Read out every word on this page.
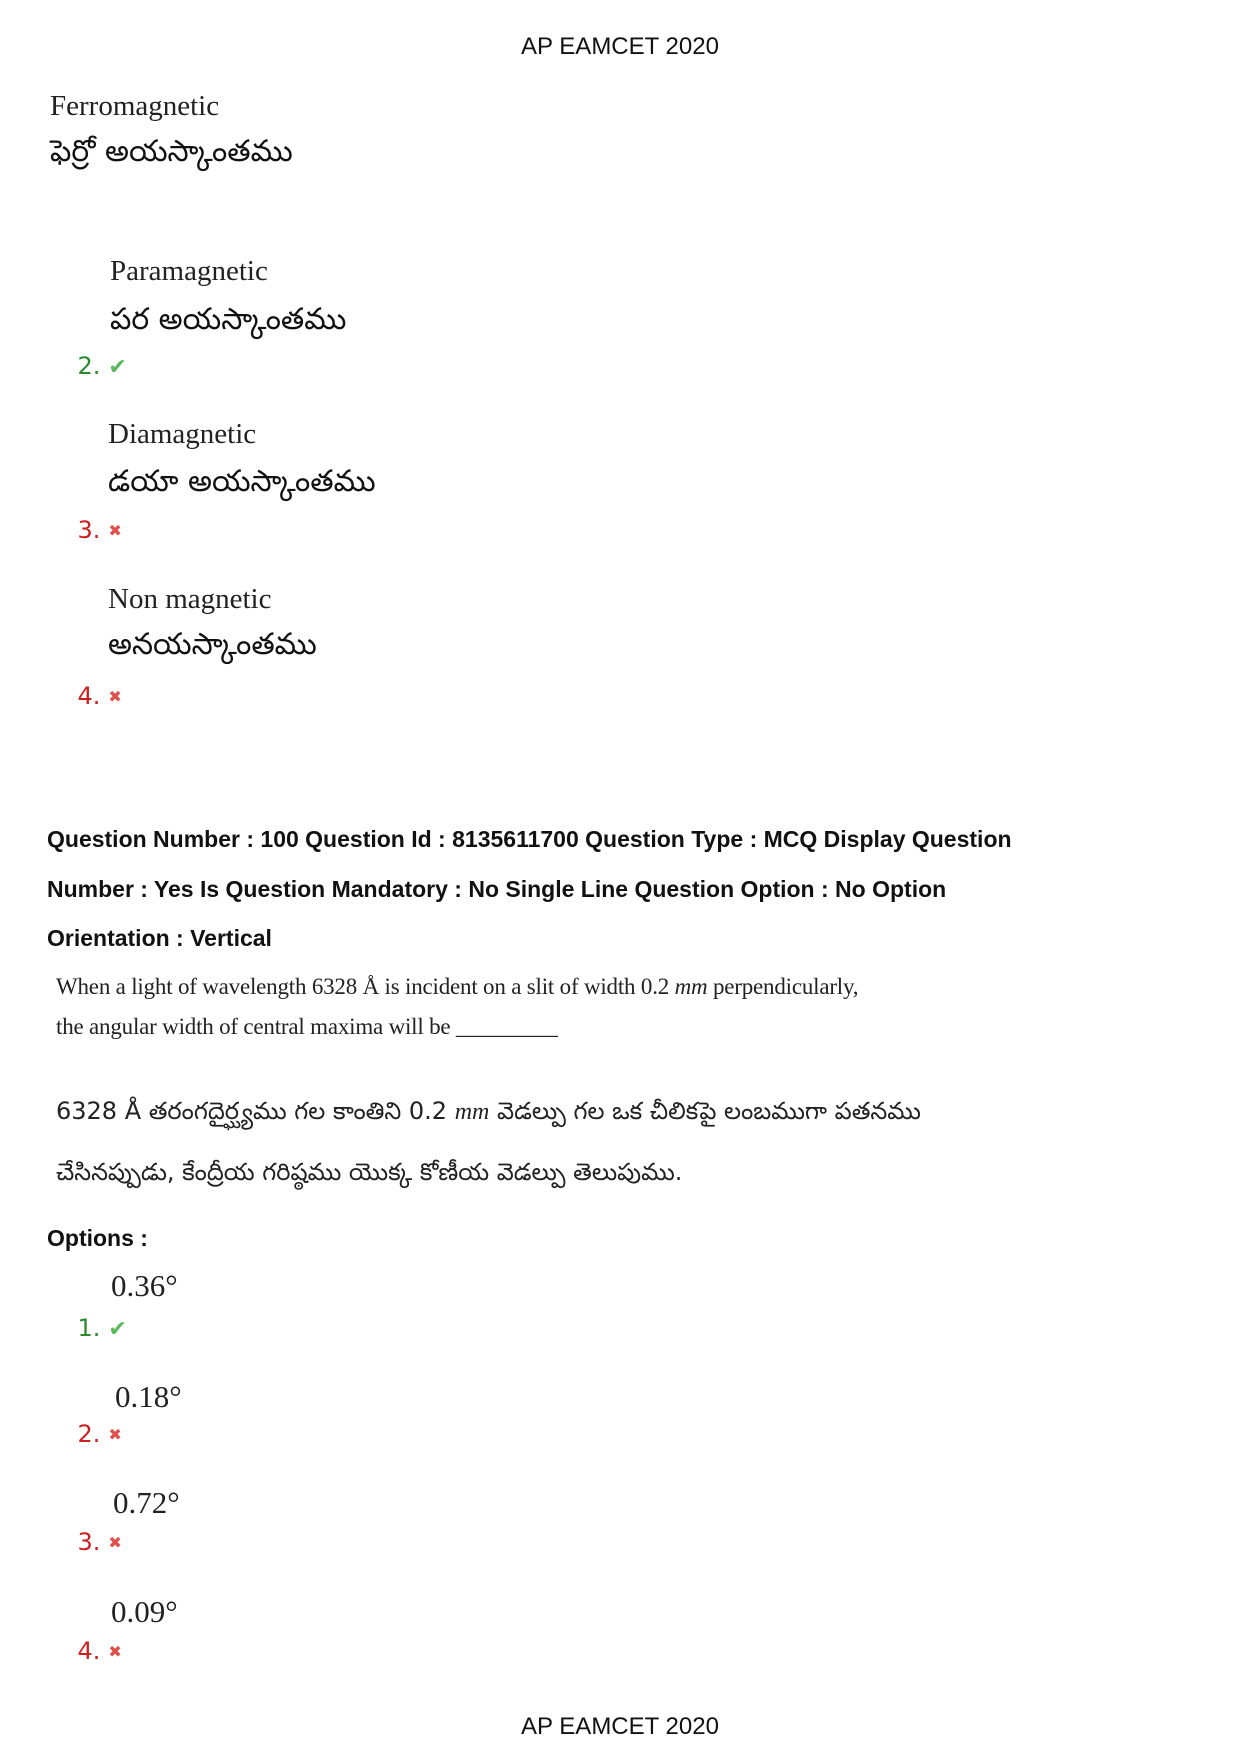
AP EAMCET 2020
Ferromagnetic
ఫెర్రో అయస్కాంతము
Paramagnetic
పర అయస్కాంతము

2.✔

Diamagnetic
డయా అయస్కాంతము

3.✖

Non magnetic
అనయస్కాంతము

4.✖

Question Number : 100 Question Id : 8135611700 Question Type : MCQ Display Question
Number : Yes Is Question Mandatory : No Single Line Question Option : No Option
Orientation : Vertical
When a light of wavelength 6328 Å is incident on a slit of width 0.2 mm perpendicularly,
the angular width of central maxima will be _________
6328 Å తరంగదైర్ఘ్యము గల కాంతిని 0.2 mm వెడల్పు గల ఒక చీలికపై లంబముగా పతనము
చేసినప్పుడు, కేంద్రీయ గరిష్ఠము యొక్క కోణీయ వెడల్పు తెలుపుము.
Options :

1.✔

0.36°

2.✖

0.18°

3.✖

0.72°

4.✖

0.09°
AP EAMCET 2020
